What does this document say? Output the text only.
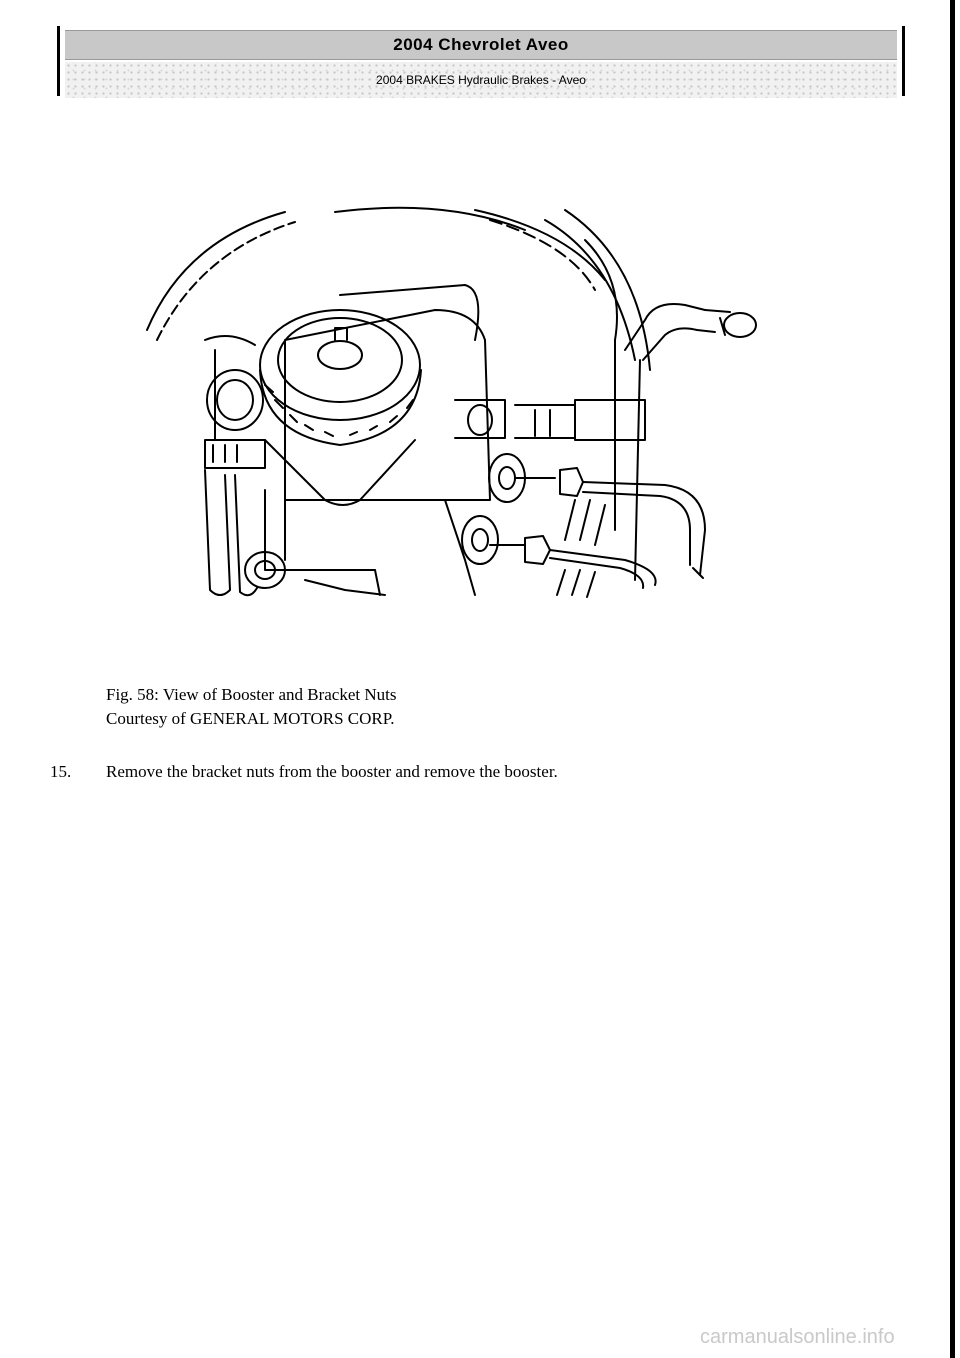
2004 Chevrolet Aveo
2004 BRAKES Hydraulic Brakes - Aveo
Fig. 58: View of Booster and Bracket Nuts
Courtesy of GENERAL MOTORS CORP.
15. Remove the bracket nuts from the booster and remove the booster.
carmanualsonline.info
